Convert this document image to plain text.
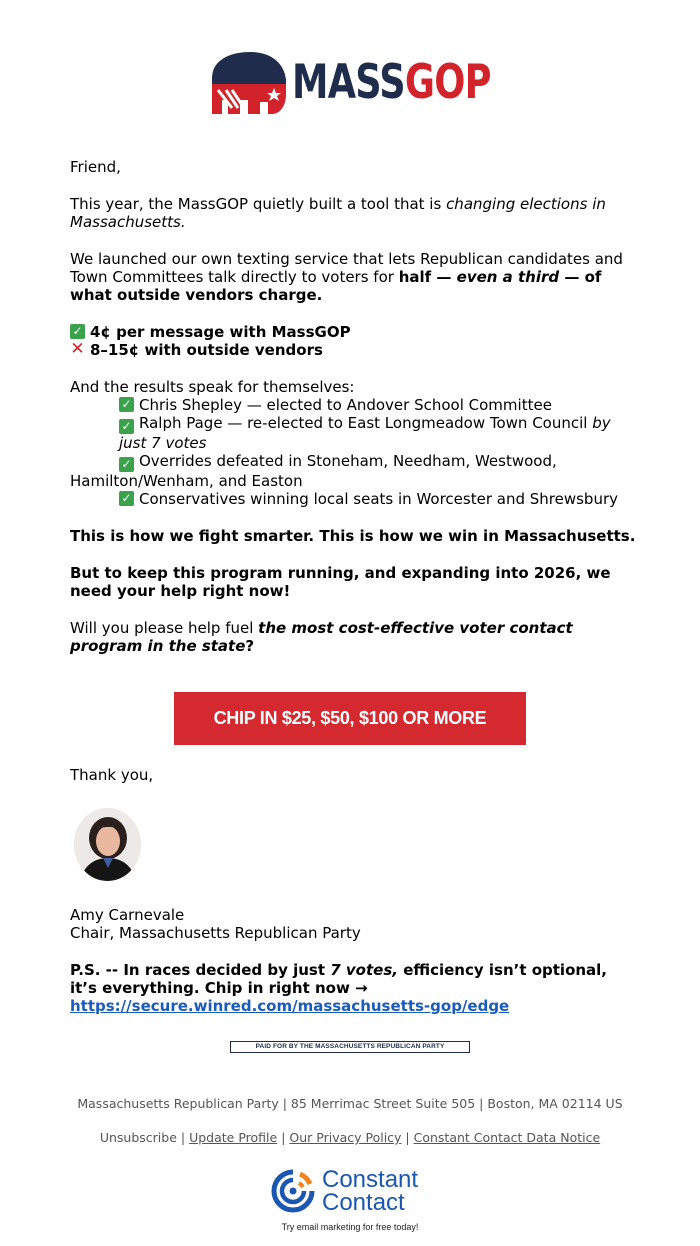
MASSGOP

Friend,

This year, the MassGOP quietly built a tool that is changing elections in Massachusetts.

We launched our own texting service that lets Republican candidates and Town Committees talk directly to voters for half — even a third — of what outside vendors charge.

✓ 4¢ per message with MassGOP
✕ 8–15¢ with outside vendors

And the results speak for themselves:

✓ Chris Shepley — elected to Andover School Committee
✓ Ralph Page — re-elected to East Longmeadow Town Council by just 7 votes
✓ Overrides defeated in Stoneham, Needham, Westwood, Hamilton/Wenham, and Easton
✓ Conservatives winning local seats in Worcester and Shrewsbury

This is how we fight smarter. This is how we win in Massachusetts.

But to keep this program running, and expanding into 2026, we need your help right now!

Will you please help fuel the most cost-effective voter contact program in the state?

CHIP IN $25, $50, $100 OR MORE
Thank you,
Amy Carnevale
Chair, Massachusetts Republican Party
P.S. -- In races decided by just 7 votes, efficiency isn’t optional, it’s everything. Chip in right now →
https://secure.winred.com/massachusetts-gop/edge
PAID FOR BY THE MASSACHUSETTS REPUBLICAN PARTY
Massachusetts Republican Party | 85 Merrimac Street Suite 505 | Boston, MA 02114 US
Unsubscribe | Update Profile | Our Privacy Policy | Constant Contact Data Notice
Constant
Contact
Try email marketing for free today!
